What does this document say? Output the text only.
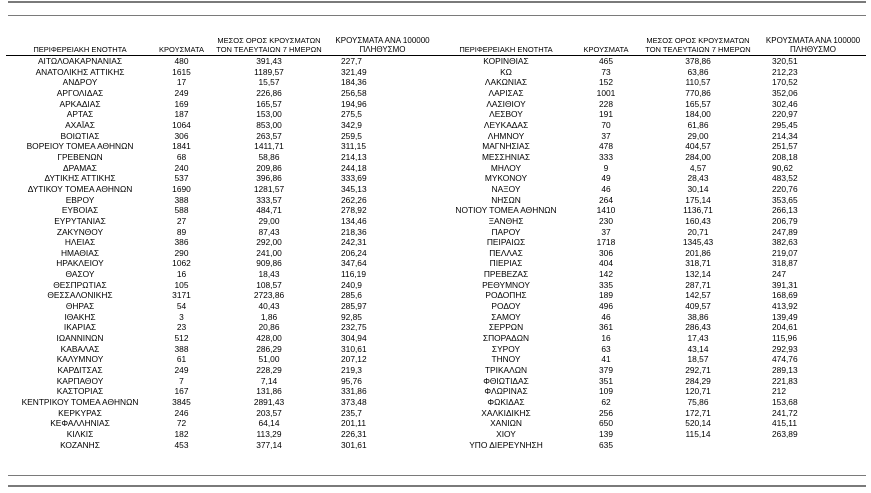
ΠΕΡΙΦΕΡΕΙΑΚΗ ΕΝΟΤΗΤΑ	ΚΡΟΥΣΜΑΤΑ	ΜΕΣΟΣ ΟΡΟΣ ΚΡΟΥΣΜΑΤΩΝ
ΤΟΝ ΤΕΛΕΥΤΑΙΩΝ 7 ΗΜΕΡΩΝ	ΚΡΟΥΣΜΑΤΑ ΑΝΑ 100000
ΠΛΗΘΥΣΜΟ	ΠΕΡΙΦΕΡΕΙΑΚΗ ΕΝΟΤΗΤΑ	ΚΡΟΥΣΜΑΤΑ	ΜΕΣΟΣ ΟΡΟΣ ΚΡΟΥΣΜΑΤΩΝ
ΤΟΝ ΤΕΛΕΥΤΑΙΩΝ 7 ΗΜΕΡΩΝ	ΚΡΟΥΣΜΑΤΑ ΑΝΑ 100000
ΠΛΗΘΥΣΜΟ
ΑΙΤΩΛΟΑΚΑΡΝΑΝΙΑΣ	480	391,43	227,7	ΚΟΡΙΝΘΙΑΣ	465	378,86	320,51
ΑΝΑΤΟΛΙΚΗΣ ΑΤΤΙΚΗΣ	1615	1189,57	321,49	ΚΩ	73	63,86	212,23
ΑΝΔΡΟΥ	17	15,57	184,36	ΛΑΚΩΝΙΑΣ	152	110,57	170,52
ΑΡΓΟΛΙΔΑΣ	249	226,86	256,58	ΛΑΡΙΣΑΣ	1001	770,86	352,06
ΑΡΚΑΔΙΑΣ	169	165,57	194,96	ΛΑΣΙΘΙΟΥ	228	165,57	302,46
ΑΡΤΑΣ	187	153,00	275,5	ΛΕΣΒΟΥ	191	184,00	220,97
ΑΧΑΪΑΣ	1064	853,00	342,9	ΛΕΥΚΑΔΑΣ	70	61,86	295,45
ΒΟΙΩΤΙΑΣ	306	263,57	259,5	ΛΗΜΝΟΥ	37	29,00	214,34
ΒΟΡΕΙΟΥ ΤΟΜΕΑ ΑΘΗΝΩΝ	1841	1411,71	311,15	ΜΑΓΝΗΣΙΑΣ	478	404,57	251,57
ΓΡΕΒΕΝΩΝ	68	58,86	214,13	ΜΕΣΣΗΝΙΑΣ	333	284,00	208,18
ΔΡΑΜΑΣ	240	209,86	244,18	ΜΗΛΟΥ	9	4,57	90,62
ΔΥΤΙΚΗΣ ΑΤΤΙΚΗΣ	537	396,86	333,69	ΜΥΚΟΝΟΥ	49	28,43	483,52
ΔΥΤΙΚΟΥ ΤΟΜΕΑ ΑΘΗΝΩΝ	1690	1281,57	345,13	ΝΑΞΟΥ	46	30,14	220,76
ΕΒΡΟΥ	388	333,57	262,26	ΝΗΣΩΝ	264	175,14	353,65
ΕΥΒΟΙΑΣ	588	484,71	278,92	ΝΟΤΙΟΥ ΤΟΜΕΑ ΑΘΗΝΩΝ	1410	1136,71	266,13
ΕΥΡΥΤΑΝΙΑΣ	27	29,00	134,46	ΞΑΝΘΗΣ	230	160,43	206,79
ΖΑΚΥΝΘΟΥ	89	87,43	218,36	ΠΑΡΟΥ	37	20,71	247,89
ΗΛΕΙΑΣ	386	292,00	242,31	ΠΕΙΡΑΙΩΣ	1718	1345,43	382,63
ΗΜΑΘΙΑΣ	290	241,00	206,24	ΠΕΛΛΑΣ	306	201,86	219,07
ΗΡΑΚΛΕΙΟΥ	1062	909,86	347,64	ΠΙΕΡΙΑΣ	404	318,71	318,87
ΘΑΣΟΥ	16	18,43	116,19	ΠΡΕΒΕΖΑΣ	142	132,14	247
ΘΕΣΠΡΩΤΙΑΣ	105	108,57	240,9	ΡΕΘΥΜΝΟΥ	335	287,71	391,31
ΘΕΣΣΑΛΟΝΙΚΗΣ	3171	2723,86	285,6	ΡΟΔΟΠΗΣ	189	142,57	168,69
ΘΗΡΑΣ	54	40,43	285,97	ΡΟΔΟΥ	496	409,57	413,92
ΙΘΑΚΗΣ	3	1,86	92,85	ΣΑΜΟΥ	46	38,86	139,49
ΙΚΑΡΙΑΣ	23	20,86	232,75	ΣΕΡΡΩΝ	361	286,43	204,61
ΙΩΑΝΝΙΝΩΝ	512	428,00	304,94	ΣΠΟΡΑΔΩΝ	16	17,43	115,96
ΚΑΒΑΛΑΣ	388	286,29	310,61	ΣΥΡΟΥ	63	43,14	292,93
ΚΑΛΥΜΝΟΥ	61	51,00	207,12	ΤΗΝΟΥ	41	18,57	474,76
ΚΑΡΔΙΤΣΑΣ	249	228,29	219,3	ΤΡΙΚΑΛΩΝ	379	292,71	289,13
ΚΑΡΠΑΘΟΥ	7	7,14	95,76	ΦΘΙΩΤΙΔΑΣ	351	284,29	221,83
ΚΑΣΤΟΡΙΑΣ	167	131,86	331,86	ΦΛΩΡΙΝΑΣ	109	120,71	212
ΚΕΝΤΡΙΚΟΥ ΤΟΜΕΑ ΑΘΗΝΩΝ	3845	2891,43	373,48	ΦΩΚΙΔΑΣ	62	75,86	153,68
ΚΕΡΚΥΡΑΣ	246	203,57	235,7	ΧΑΛΚΙΔΙΚΗΣ	256	172,71	241,72
ΚΕΦΑΛΛΗΝΙΑΣ	72	64,14	201,11	ΧΑΝΙΩΝ	650	520,14	415,11
ΚΙΛΚΙΣ	182	113,29	226,31	ΧΙΟΥ	139	115,14	263,89
ΚΟΖΑΝΗΣ	453	377,14	301,61	ΥΠΟ ΔΙΕΡΕΥΝΗΣΗ	635		
